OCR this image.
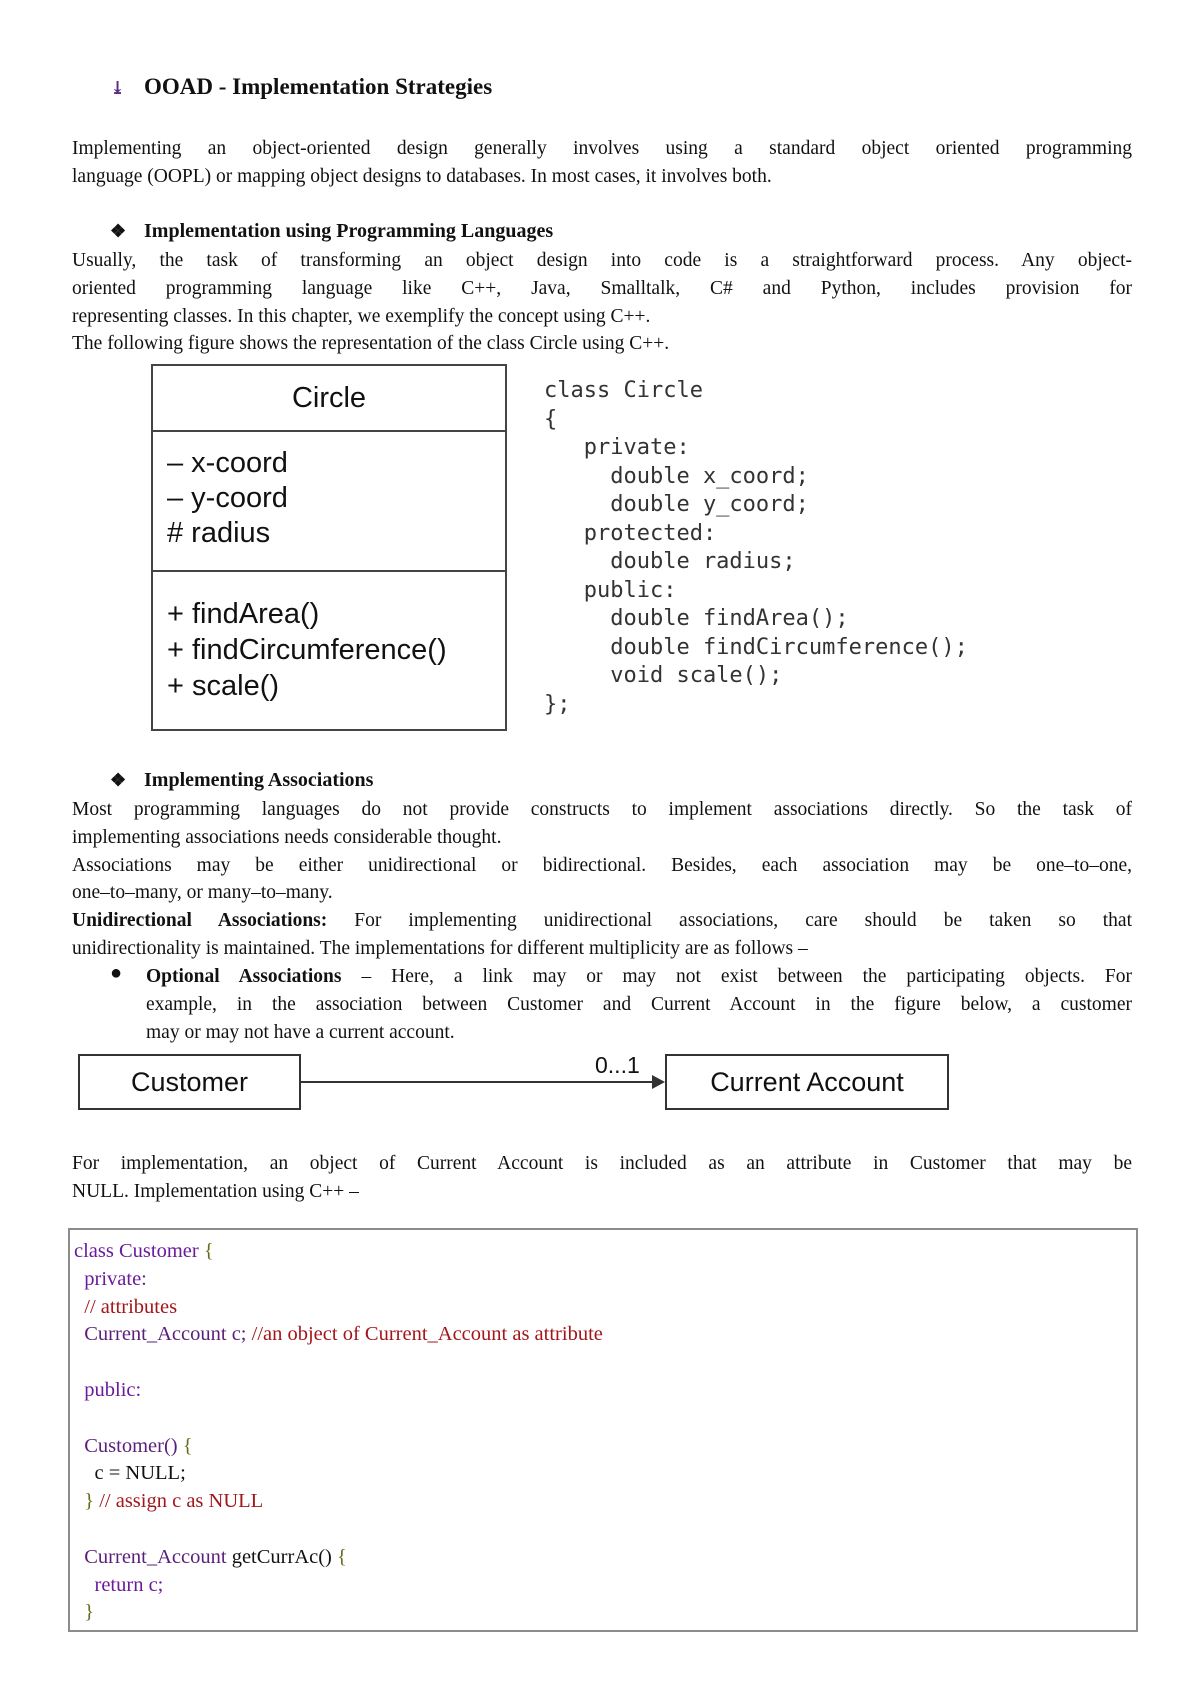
⤓ OOAD - Implementation Strategies

Implementing an object-oriented design generally involves using a standard object oriented programming
language (OOPL) or mapping object designs to databases. In most cases, it involves both.

❖ Implementation using Programming Languages

Usually, the task of transforming an object design into code is a straightforward process. Any object-
oriented programming language like C++, Java, Smalltalk, C# and Python, includes provision for
representing classes. In this chapter, we exemplify the concept using C++.
The following figure shows the representation of the class Circle using C++.

Circle
– x-coord
– y-coord
# radius
+ findArea()
+ findCircumference()
+ scale()
class Circle
{
private:
double x_coord;
double y_coord;
protected:
double radius;
public:
double findArea();
double findCircumference();
void scale();
};
❖ Implementing Associations

Most programming languages do not provide constructs to implement associations directly. So the task of
implementing associations needs considerable thought.
Associations may be either unidirectional or bidirectional. Besides, each association may be one–to–one,
one–to–many, or many–to–many.
Unidirectional Associations: For implementing unidirectional associations, care should be taken so that
unidirectionality is maintained. The implementations for different multiplicity are as follows –

● Optional Associations – Here, a link may or may not exist between the participating objects. For
example, in the association between Customer and Current Account in the figure below, a customer
may or may not have a current account.

Customer
0...1
Current Account

For implementation, an object of Current Account is included as an attribute in Customer that may be
NULL. Implementation using C++ –

class Customer {
private:
// attributes
Current_Account c; //an object of Current_Account as attribute

public:

Customer() {
c = NULL;
} // assign c as NULL

Current_Account getCurrAc() {
return c;
}
